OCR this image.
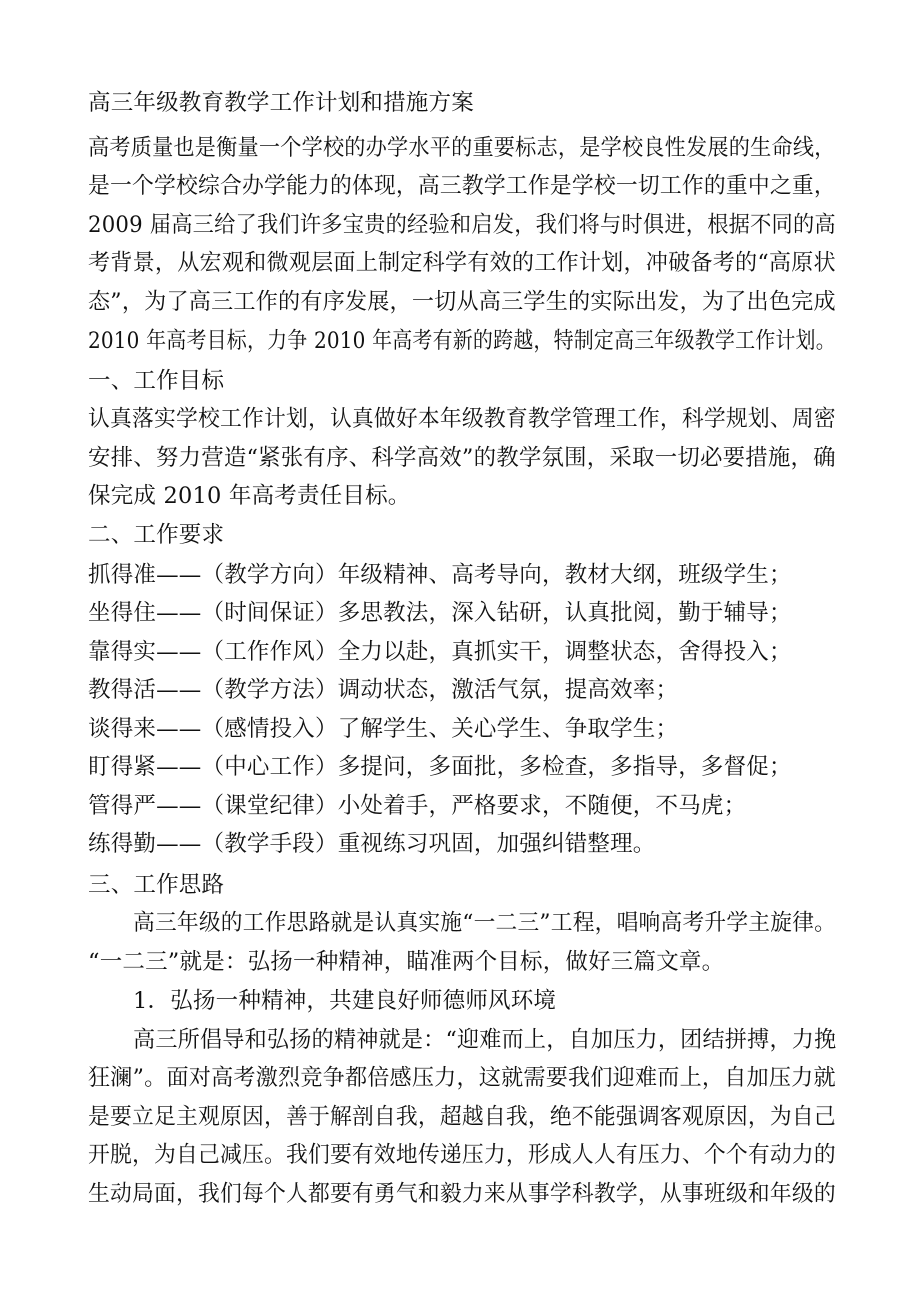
高三年级教育教学工作计划和措施方案
高考质量也是衡量一个学校的办学水平的重要标志，是学校良性发展的生命线，
是一个学校综合办学能力的体现，高三教学工作是学校一切工作的重中之重，
2009 届高三给了我们许多宝贵的经验和启发，我们将与时俱进，根据不同的高
考背景，从宏观和微观层面上制定科学有效的工作计划，冲破备考的“高原状
态”，为了高三工作的有序发展，一切从高三学生的实际出发，为了出色完成
2010 年高考目标，力争 2010 年高考有新的跨越，特制定高三年级教学工作计划。
一、工作目标
认真落实学校工作计划，认真做好本年级教育教学管理工作，科学规划、周密
安排、努力营造“紧张有序、科学高效”的教学氛围，采取一切必要措施，确
保完成 2010 年高考责任目标。
二、工作要求
抓得准——（教学方向）年级精神、高考导向，教材大纲，班级学生；
坐得住——（时间保证）多思教法，深入钻研，认真批阅，勤于辅导；
靠得实——（工作作风）全力以赴，真抓实干，调整状态，舍得投入；
教得活——（教学方法）调动状态，激活气氛，提高效率；
谈得来——（感情投入）了解学生、关心学生、争取学生；
盯得紧——（中心工作）多提问，多面批，多检查，多指导，多督促；
管得严——（课堂纪律）小处着手，严格要求，不随便，不马虎；
练得勤——（教学手段）重视练习巩固，加强纠错整理。
三、工作思路
高三年级的工作思路就是认真实施“一二三”工程，唱响高考升学主旋律。
“一二三”就是：弘扬一种精神，瞄准两个目标，做好三篇文章。
1．弘扬一种精神，共建良好师德师风环境
高三所倡导和弘扬的精神就是：“迎难而上，自加压力，团结拼搏，力挽
狂澜”。面对高考激烈竞争都倍感压力，这就需要我们迎难而上，自加压力就
是要立足主观原因，善于解剖自我，超越自我，绝不能强调客观原因，为自己
开脱，为自己减压。我们要有效地传递压力，形成人人有压力、个个有动力的
生动局面，我们每个人都要有勇气和毅力来从事学科教学，从事班级和年级的
